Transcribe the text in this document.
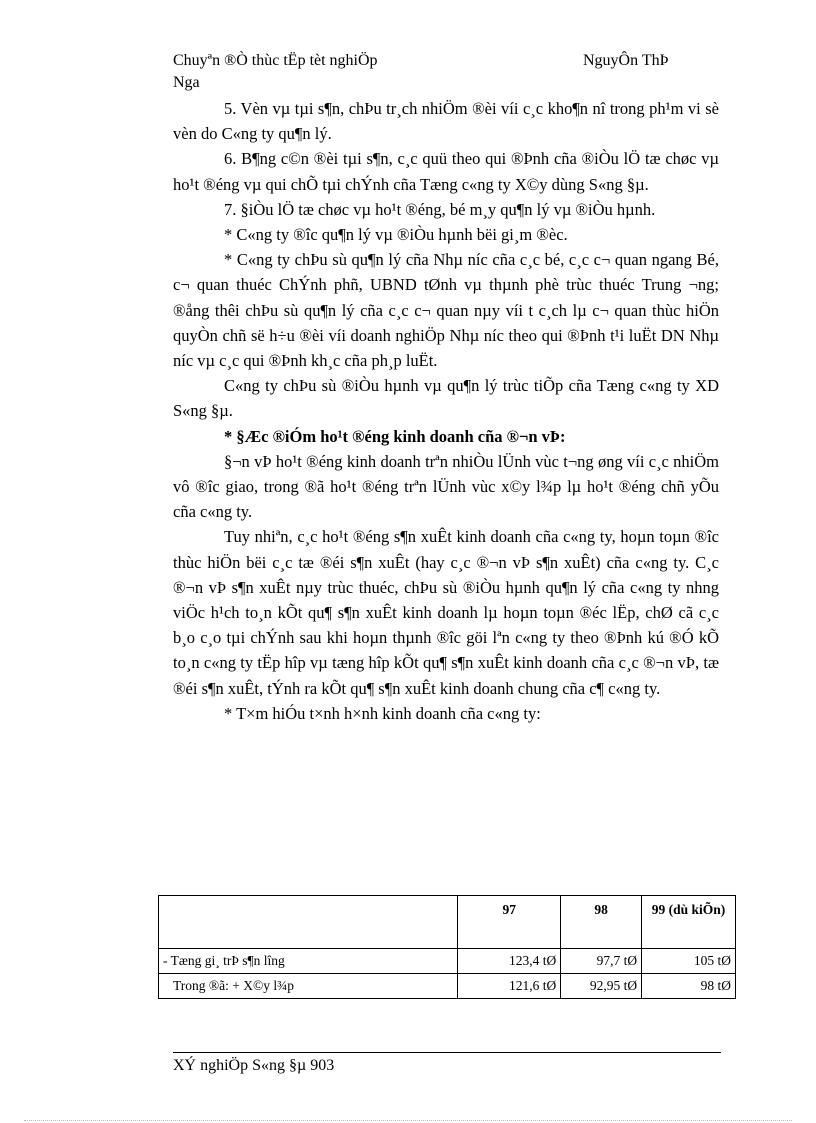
Chuyªn ®Ò thùc tËp tèt nghiÖp	NguyÔn ThÞ
Nga

5. Vèn vµ tµi s¶n, chÞu tr¸ch nhiÖm ®èi víi c¸c kho¶n nî trong ph¹m vi sè vèn do C«ng ty qu¶n lý.

6. B¶ng c©n ®èi tµi s¶n, c¸c quü theo qui ®Þnh cña ®iÒu lÖ tæ chøc vµ ho¹t ®éng vµ qui chÕ tµi chÝnh cña Tæng c«ng ty X©y dùng S«ng §µ.

7. §iÒu lÖ tæ chøc vµ ho¹t ®éng, bé m¸y qu¶n lý vµ ®iÒu hµnh.

* C«ng ty ®îc qu¶n lý vµ ®iÒu hµnh bëi gi¸m ®èc.

* C«ng ty chÞu sù qu¶n lý cña Nhµ níc cña c¸c bé, c¸c c¬ quan ngang Bé, c¬ quan thuéc ChÝnh phñ, UBND tØnh vµ thµnh phè trùc thuéc Trung ¬ng; ®ång thêi chÞu sù qu¶n lý cña c¸c c¬ quan nµy víi t c¸ch lµ c¬ quan thùc hiÖn quyÒn chñ së h÷u ®èi víi doanh nghiÖp Nhµ níc theo qui ®Þnh t¹i luËt DN Nhµ níc vµ c¸c qui ®Þnh kh¸c cña ph¸p luËt.

C«ng ty chÞu sù ®iÒu hµnh vµ qu¶n lý trùc tiÕp cña Tæng c«ng ty XD S«ng §µ.

* §Æc ®iÓm ho¹t ®éng kinh doanh cña ®¬n vÞ:

§¬n vÞ ho¹t ®éng kinh doanh trªn nhiÒu lÜnh vùc t¬ng øng víi c¸c nhiÖm vô ®îc giao, trong ®ã ho¹t ®éng trªn lÜnh vùc x©y l¾p lµ ho¹t ®éng chñ yÕu cña c«ng ty.

Tuy nhiªn, c¸c ho¹t ®éng s¶n xuÊt kinh doanh cña c«ng ty, hoµn toµn ®îc thùc hiÖn bëi c¸c tæ ®éi s¶n xuÊt (hay c¸c ®¬n vÞ s¶n xuÊt) cña c«ng ty. C¸c ®¬n vÞ s¶n xuÊt nµy trùc thuéc, chÞu sù ®iÒu hµnh qu¶n lý cña c«ng ty nhng viÖc h¹ch to¸n kÕt qu¶ s¶n xuÊt kinh doanh lµ hoµn toµn ®éc lËp, chØ cã c¸c b¸o c¸o tµi chÝnh sau khi hoµn thµnh ®îc göi lªn c«ng ty theo ®Þnh kú ®Ó kÕ to¸n c«ng ty tËp hîp vµ tæng hîp kÕt qu¶ s¶n xuÊt kinh doanh cña c¸c ®¬n vÞ, tæ ®éi s¶n xuÊt, tÝnh ra kÕt qu¶ s¶n xuÊt kinh doanh chung cña c¶ c«ng ty.

* T×m hiÓu t×nh h×nh kinh doanh cña c«ng ty:

	97	98	99 (dù kiÕn)
- Tæng gi¸ trÞ s¶n lîng	123,4 tØ	97,7 tØ	105 tØ
Trong ®ã: + X©y l¾p	121,6 tØ	92,95 tØ	98 tØ
XÝ nghiÖp S«ng §µ 903
